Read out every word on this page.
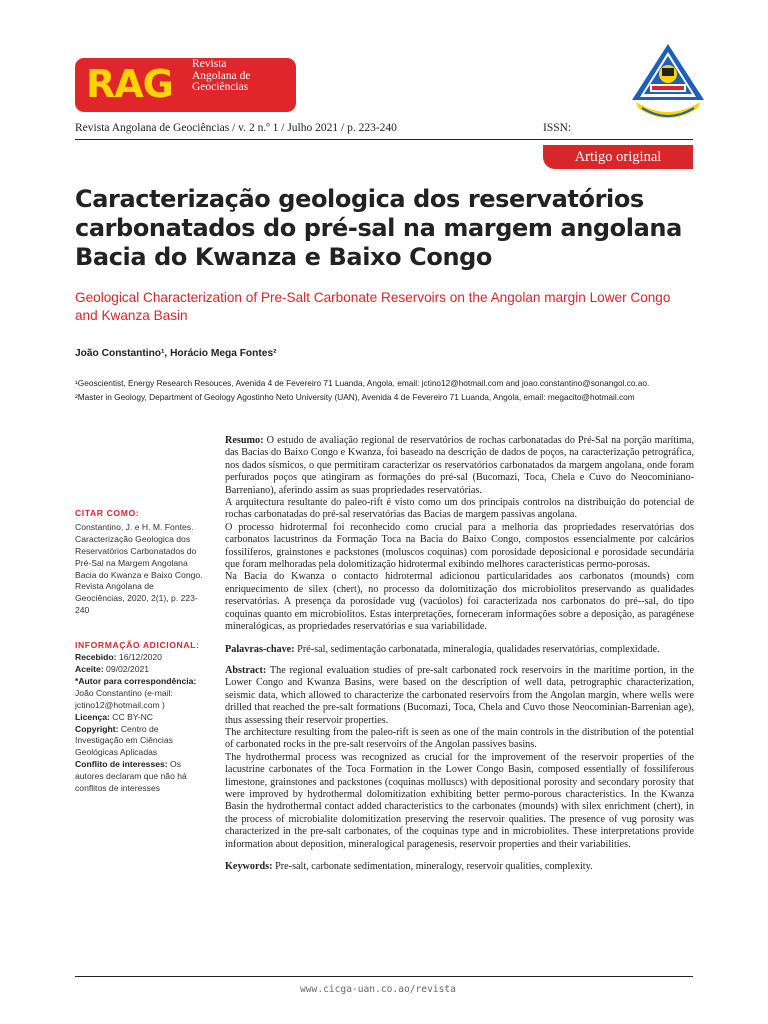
RAG Revista
Angolana de
Geociências
Revista Angolana de Geociências / v. 2 n.º 1 / Julho 2021 / p. 223-240	ISSN:
Artigo original
Caracterização geologica dos reservatórios carbonatados do pré-sal na margem angolana Bacia do Kwanza e Baixo Congo
Geological Characterization of Pre-Salt Carbonate Reservoirs on the Angolan margin Lower Congo and Kwanza Basin
João Constantino¹, Horácio Mega Fontes²
¹Geoscientist, Energy Research Resouces, Avenida 4 de Fevereiro 71 Luanda, Angola, email: jctino12@hotmail.com and joao.constantino@sonangol.co.ao.
²Master in Geology, Department of Geology Agostinho Neto University (UAN), Avenida 4 de Fevereiro 71 Luanda, Angola, email: megacito@hotmail.com
CITAR COMO:
Constantino, J. e H. M. Fontes. Caracterização Geologica dos Reservatórios Carbonatados do Pré-Sal na Margem Angolana Bacia do Kwanza e Baixo Congo. Revista Angolana de Geociências, 2020, 2(1), p. 223-240
INFORMAÇÃO ADICIONAL:
Recebido: 16/12/2020
Aceite: 09/02/2021
*Autor para correspondência: João Constantino (e-mail: jctino12@hotmail.com )
Licença: CC BY-NC
Copyright: Centro de Investigação em Ciências Geológicas Aplicadas
Conflito de interesses: Os autores declaram que não há conflitos de interesses

Resumo: O estudo de avaliação regional de reservatórios de rochas carbonatadas do Pré-Sal na porção marítima, das Bacias do Baixo Congo e Kwanza, foi baseado na descrição de dados de poços, na caracterização petrográfica, nos dados sísmicos, o que permitiram caracterizar os reservatórios carbonatados da margem angolana, onde foram perfurados poços que atingiram as formações do pré-sal (Bucomazi, Toca, Chela e Cuvo do Neocominiano-Barreniano), aferindo assim as suas propriedades reservatórias.

A arquitectura resultante do paleo-rift é visto como um dos principais controlos na distribuição do potencial de rochas carbonatadas do pré-sal reservatórias das Bacias de margem passivas angolana.

O processo hidrotermal foi reconhecido como crucial para a melhoria das propriedades reservatórias dos carbonatos lacustrinos da Formação Toca na Bacia do Baixo Congo, compostos essencialmente por calcários fossilíferos, grainstones e packstones (moluscos coquinas) com porosidade deposicional e porosidade secundária que foram melhoradas pela dolomitização hidrotermal exibindo melhores características permo-porosas.

Na Bacia do Kwanza o contacto hidrotermal adicionou particularidades aos carbonatos (mounds) com enriquecimento de silex (chert), no processo da dolomitização dos microbiolitos preservando as qualidades reservatórias. A presença da porosidade vug (vacúolos) foi caracterizada nos carbonatos do pré--sal, do tipo coquinas quanto em microbiolitos. Estas interpretações, forneceram informações sobre a deposição, as paragénese mineralógicas, as propriedades reservatórias e sua variabilidade.

Palavras-chave: Pré-sal, sedimentação carbonatada, mineralogia, qualidades reservatórias, complexidade.

Abstract: The regional evaluation studies of pre-salt carbonated rock reservoirs in the maritime portion, in the Lower Congo and Kwanza Basins, were based on the description of well data, petrographic characterization, seismic data, which allowed to characterize the carbonated reservoirs from the Angolan margin, where wells were drilled that reached the pre-salt formations (Bucomazi, Toca, Chela and Cuvo those Neocominian-Barrenian age), thus assessing their reservoir properties.

The architecture resulting from the paleo-rift is seen as one of the main controls in the distribution of the potential of carbonated rocks in the pre-salt reservoirs of the Angolan passives basins.

The hydrothermal process was recognized as crucial for the improvement of the reservoir properties of the lacustrine carbonates of the Toca Formation in the Lower Congo Basin, composed essentially of fossiliferous limestone, grainstones and packstones (coquinas molluscs) with depositional porosity and secondary porosity that were improved by hydrothermal dolomitization exhibiting better permo-porous characteristics. In the Kwanza Basin the hydrothermal contact added characteristics to the carbonates (mounds) with silex enrichment (chert), in the process of microbialite dolomitization preserving the reservoir qualities. The presence of vug porosity was characterized in the pre-salt carbonates, of the coquinas type and in microbiolites. These interpretations provide information about deposition, mineralogical paragenesis, reservoir properties and their variabilities.

Keywords: Pre-salt, carbonate sedimentation, mineralogy, reservoir qualities, complexity.

www.cicga-uan.co.ao/revista
